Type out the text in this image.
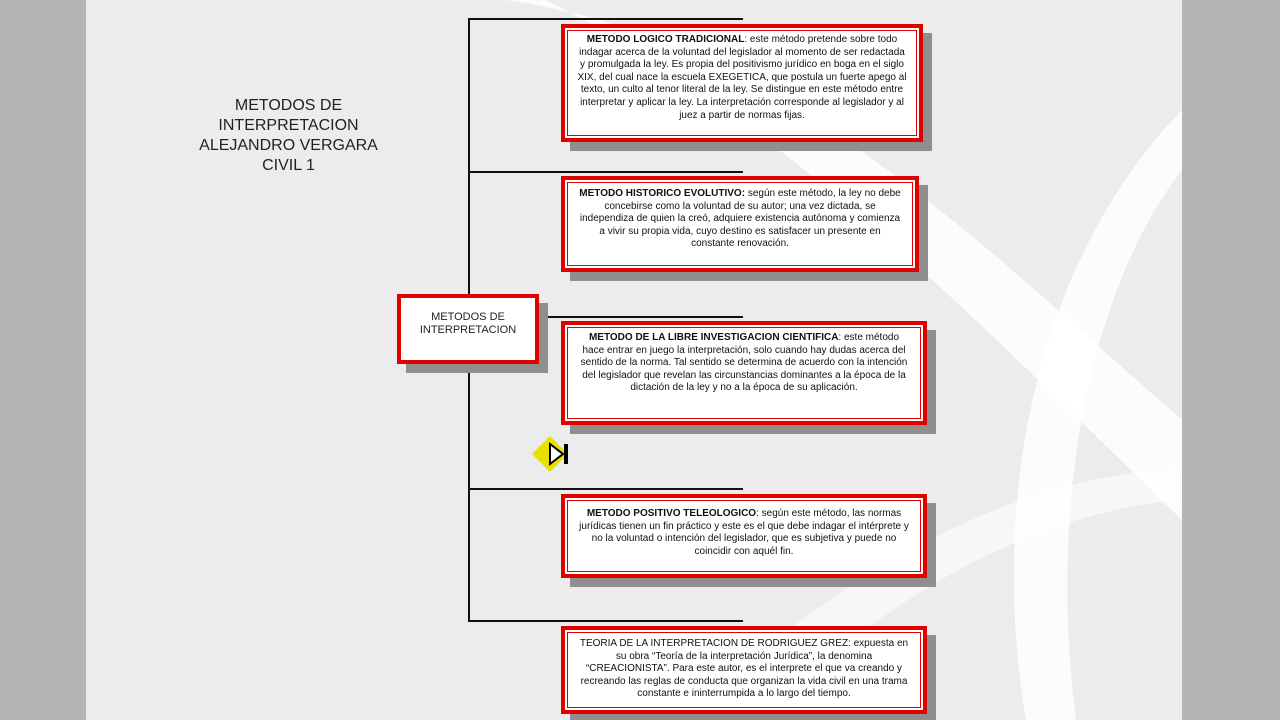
METODOS DE
INTERPRETACION
ALEJANDRO VERGARA
CIVIL 1
METODOS DE
INTERPRETACION
METODO LOGICO TRADICIONAL: este método pretende sobre todo indagar acerca de la voluntad del legislador al momento de ser redactada y promulgada la ley. Es propia del positivismo jurídico en boga en el siglo XIX, del cual nace la escuela EXEGETICA, que postula un fuerte apego al texto, un culto al tenor literal de la ley. Se distingue en este método entre interpretar y aplicar la ley. La interpretación corresponde al legislador y al juez a partir de normas fijas.
METODO HISTORICO EVOLUTIVO: según este método, la ley no debe concebirse como la voluntad de su autor; una vez dictada, se independiza de quien la creó, adquiere existencia autónoma y comienza a vivir su propia vida, cuyo destino es satisfacer un presente en constante renovación.
METODO DE LA LIBRE INVESTIGACION CIENTIFICA: este método hace entrar en juego la interpretación, solo cuando hay dudas acerca del sentido de la norma. Tal sentido se determina de acuerdo con la intención del legislador que revelan las circunstancias dominantes a la época de la dictación de la ley y no a la época de su aplicación.
METODO POSITIVO TELEOLOGICO: según este método, las normas jurídicas tienen un fin práctico y este es el que debe indagar el intérprete y no la voluntad o intención del legislador, que es subjetiva y puede no coincidir con aquél fin.
TEORIA DE LA INTERPRETACION DE RODRIGUEZ GREZ: expuesta en su obra “Teoría de la interpretación Jurídica”, la denomina “CREACIONISTA”. Para este autor, es el interprete el que va creando y recreando las reglas de conducta que organizan la vida civil en una trama constante e ininterrumpida a lo largo del tiempo.
